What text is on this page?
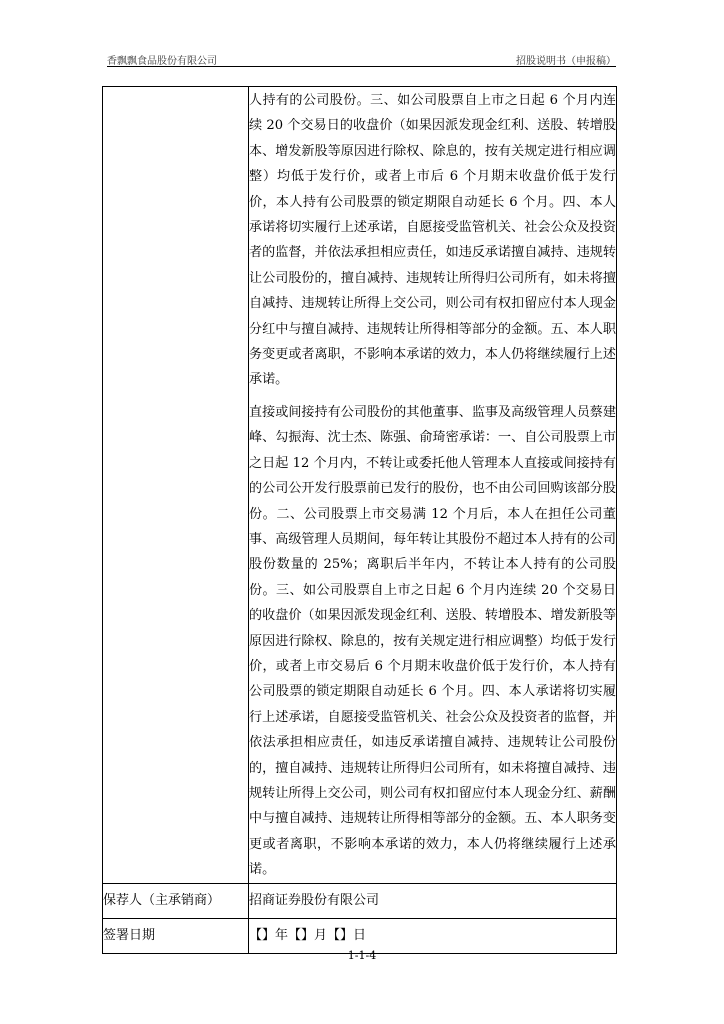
香飘飘食品股份有限公司	招股说明书（申报稿）

	人持有的公司股份。三、如公司股票自上市之日起 6 个月内连续 20 个交易日的收盘价（如果因派发现金红利、送股、转增股本、增发新股等原因进行除权、除息的，按有关规定进行相应调整）均低于发行价，或者上市后 6 个月期末收盘价低于发行价，本人持有公司股票的锁定期限自动延长 6 个月。四、本人承诺将切实履行上述承诺，自愿接受监管机关、社会公众及投资者的监督，并依法承担相应责任，如违反承诺擅自减持、违规转让公司股份的，擅自减持、违规转让所得归公司所有，如未将擅自减持、违规转让所得上交公司，则公司有权扣留应付本人现金分红中与擅自减持、违规转让所得相等部分的金额。五、本人职务变更或者离职，不影响本承诺的效力，本人仍将继续履行上述承诺。

直接或间接持有公司股份的其他董事、监事及高级管理人员蔡建峰、勾振海、沈士杰、陈强、俞琦密承诺：一、自公司股票上市之日起 12 个月内，不转让或委托他人管理本人直接或间接持有的公司公开发行股票前已发行的股份，也不由公司回购该部分股份。二、公司股票上市交易满 12 个月后，本人在担任公司董事、高级管理人员期间，每年转让其股份不超过本人持有的公司股份数量的 25%；离职后半年内，不转让本人持有的公司股份。三、如公司股票自上市之日起 6 个月内连续 20 个交易日的收盘价（如果因派发现金红利、送股、转增股本、增发新股等原因进行除权、除息的，按有关规定进行相应调整）均低于发行价，或者上市交易后 6 个月期末收盘价低于发行价，本人持有公司股票的锁定期限自动延长 6 个月。四、本人承诺将切实履行上述承诺，自愿接受监管机关、社会公众及投资者的监督，并依法承担相应责任，如违反承诺擅自减持、违规转让公司股份的，擅自减持、违规转让所得归公司所有，如未将擅自减持、违规转让所得上交公司，则公司有权扣留应付本人现金分红、薪酬中与擅自减持、违规转让所得相等部分的金额。五、本人职务变更或者离职，不影响本承诺的效力，本人仍将继续履行上述承诺。

保荐人（主承销商）	招商证券股份有限公司

签署日期	【】年【】月【】日
1-1-4
